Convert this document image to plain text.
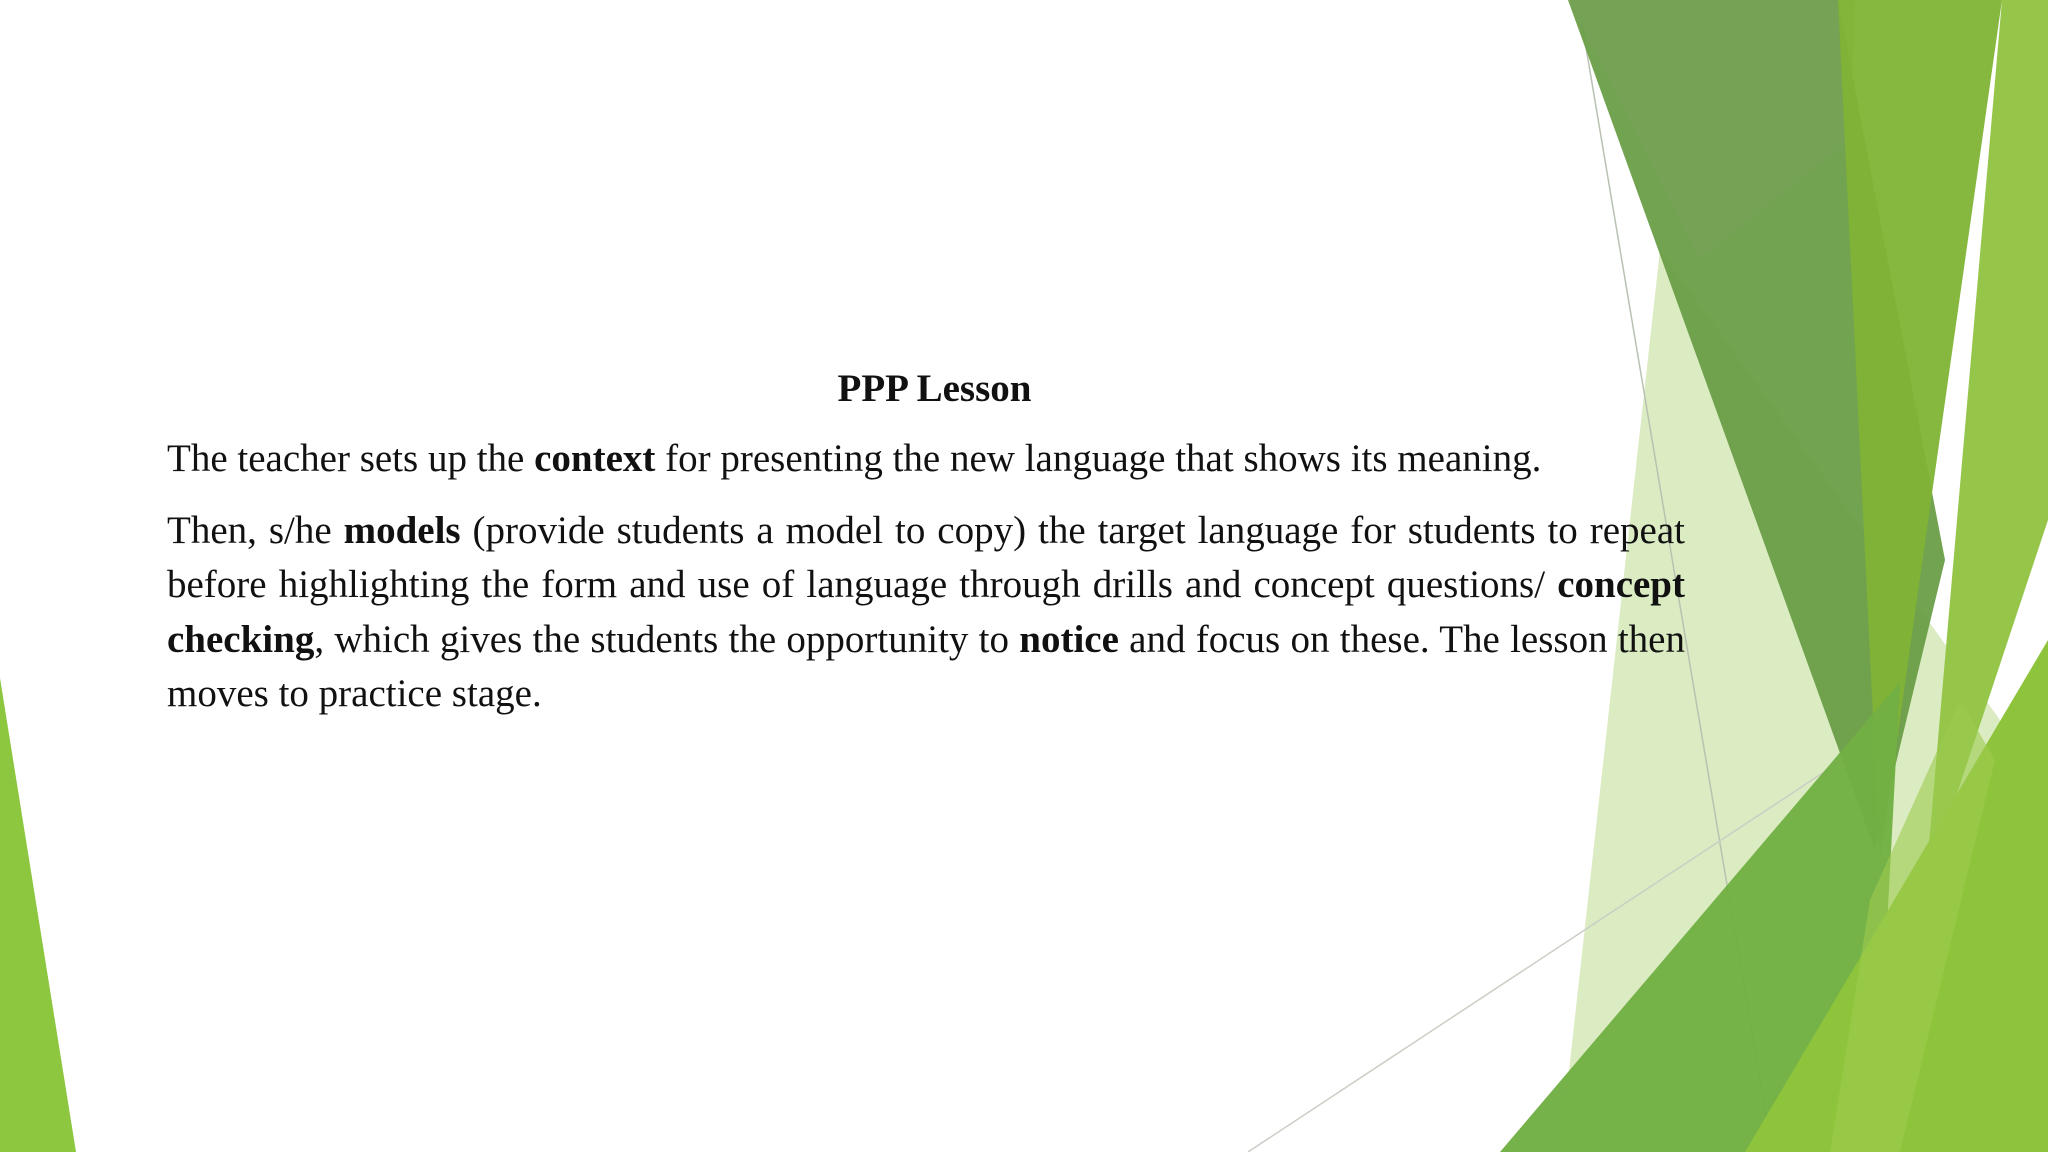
PPP Lesson

The teacher sets up the context for presenting the new language that shows its meaning.

Then, s/he models (provide students a model to copy) the target language for students to repeat before highlighting the form and use of language through drills and concept questions/ concept checking, which gives the students the opportunity to notice and focus on these. The lesson then moves to practice stage.
